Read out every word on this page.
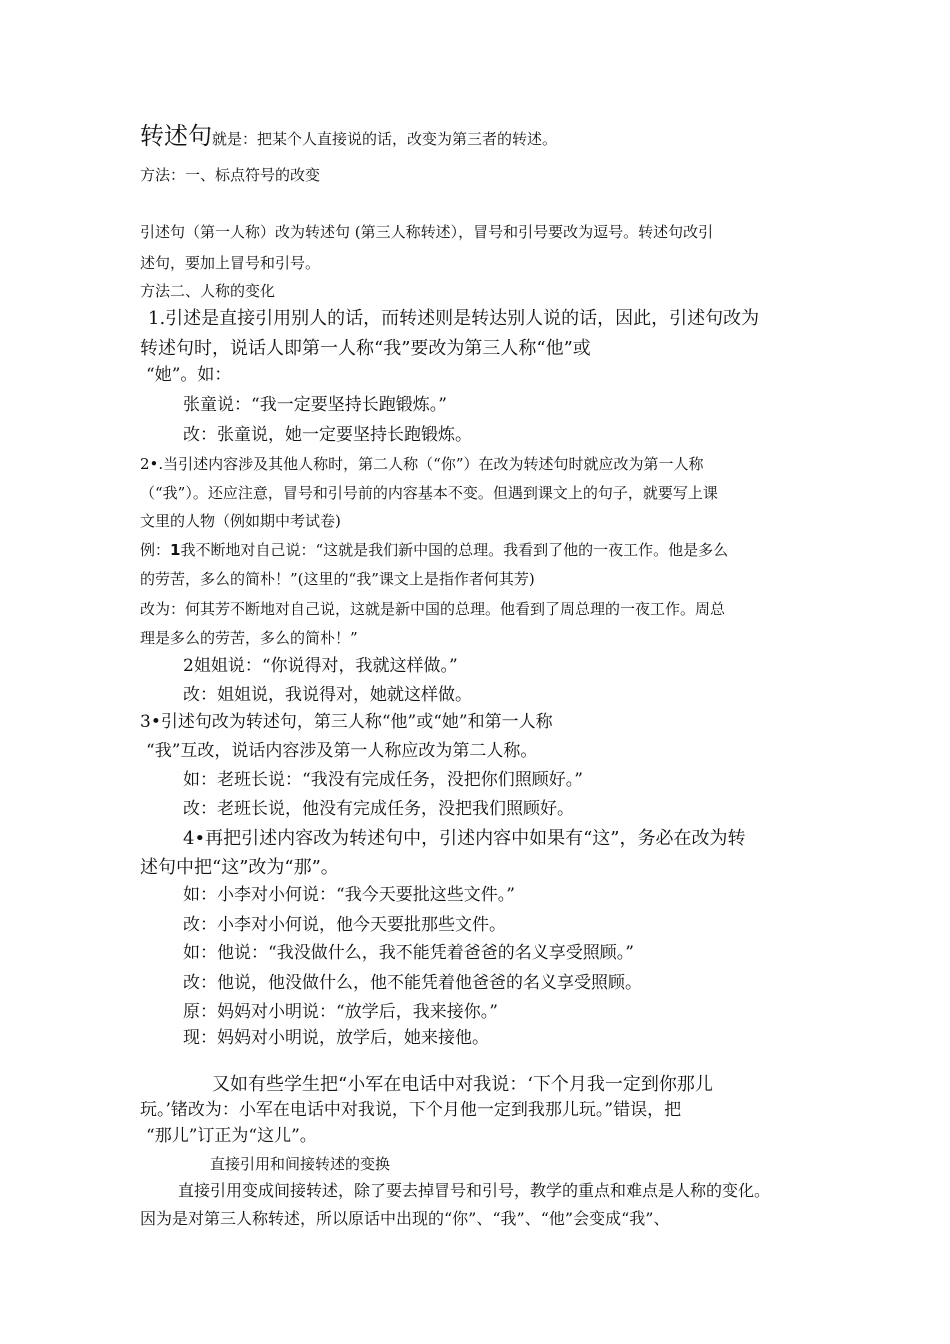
转述句就是：把某个人直接说的话，改变为第三者的转述。
方法：一、标点符号的改变
引述句（第一人称）改为转述句 (第三人称转述），冒号和引号要改为逗号。转述句改引
述句，要加上冒号和引号。
方法二、人称的变化
1.引述是直接引用别人的话，而转述则是转达别人说的话，因此，引述句改为
转述句时，说话人即第一人称“我”要改为第三人称“他”或
“她”。如：
张童说：“我一定要坚持长跑锻炼。”
改：张童说，她一定要坚持长跑锻炼。
2•.当引述内容涉及其他人称时，第二人称（“你”）在改为转述句时就应改为第一人称
（“我”）。还应注意，冒号和引号前的内容基本不变。但遇到课文上的句子，就要写上课
文里的人物（例如期中考试卷)
例：1我不断地对自己说：“这就是我们新中国的总理。我看到了他的一夜工作。他是多么
的劳苦，多么的简朴！”(这里的“我”课文上是指作者何其芳)
改为：何其芳不断地对自己说，这就是新中国的总理。他看到了周总理的一夜工作。周总
理是多么的劳苦，多么的简朴！”
2姐姐说：“你说得对，我就这样做。”
改：姐姐说，我说得对，她就这样做。
3•引述句改为转述句，第三人称“他”或“她”和第一人称
“我”互改，说话内容涉及第一人称应改为第二人称。
如：老班长说：“我没有完成任务，没把你们照顾好。”
改：老班长说，他没有完成任务，没把我们照顾好。
4•再把引述内容改为转述句中，引述内容中如果有“这”，务必在改为转
述句中把“这”改为“那”。
如：小李对小何说：“我今天要批这些文件。”
改：小李对小何说，他今天要批那些文件。
如：他说：“我没做什么，我不能凭着爸爸的名义享受照顾。”
改：他说，他没做什么，他不能凭着他爸爸的名义享受照顾。
原：妈妈对小明说：“放学后，我来接你。”
现：妈妈对小明说，放学后，她来接他。
又如有些学生把“小军在电话中对我说：‘下个月我一定到你那儿
玩。’锗改为：小军在电话中对我说，下个月他一定到我那儿玩。”错误，把
“那儿”订正为“这儿”。
直接引用和间接转述的变换
直接引用变成间接转述，除了要去掉冒号和引号，教学的重点和难点是人称的变化。
因为是对第三人称转述，所以原话中出现的“你”、“我”、“他”会变成“我”、
